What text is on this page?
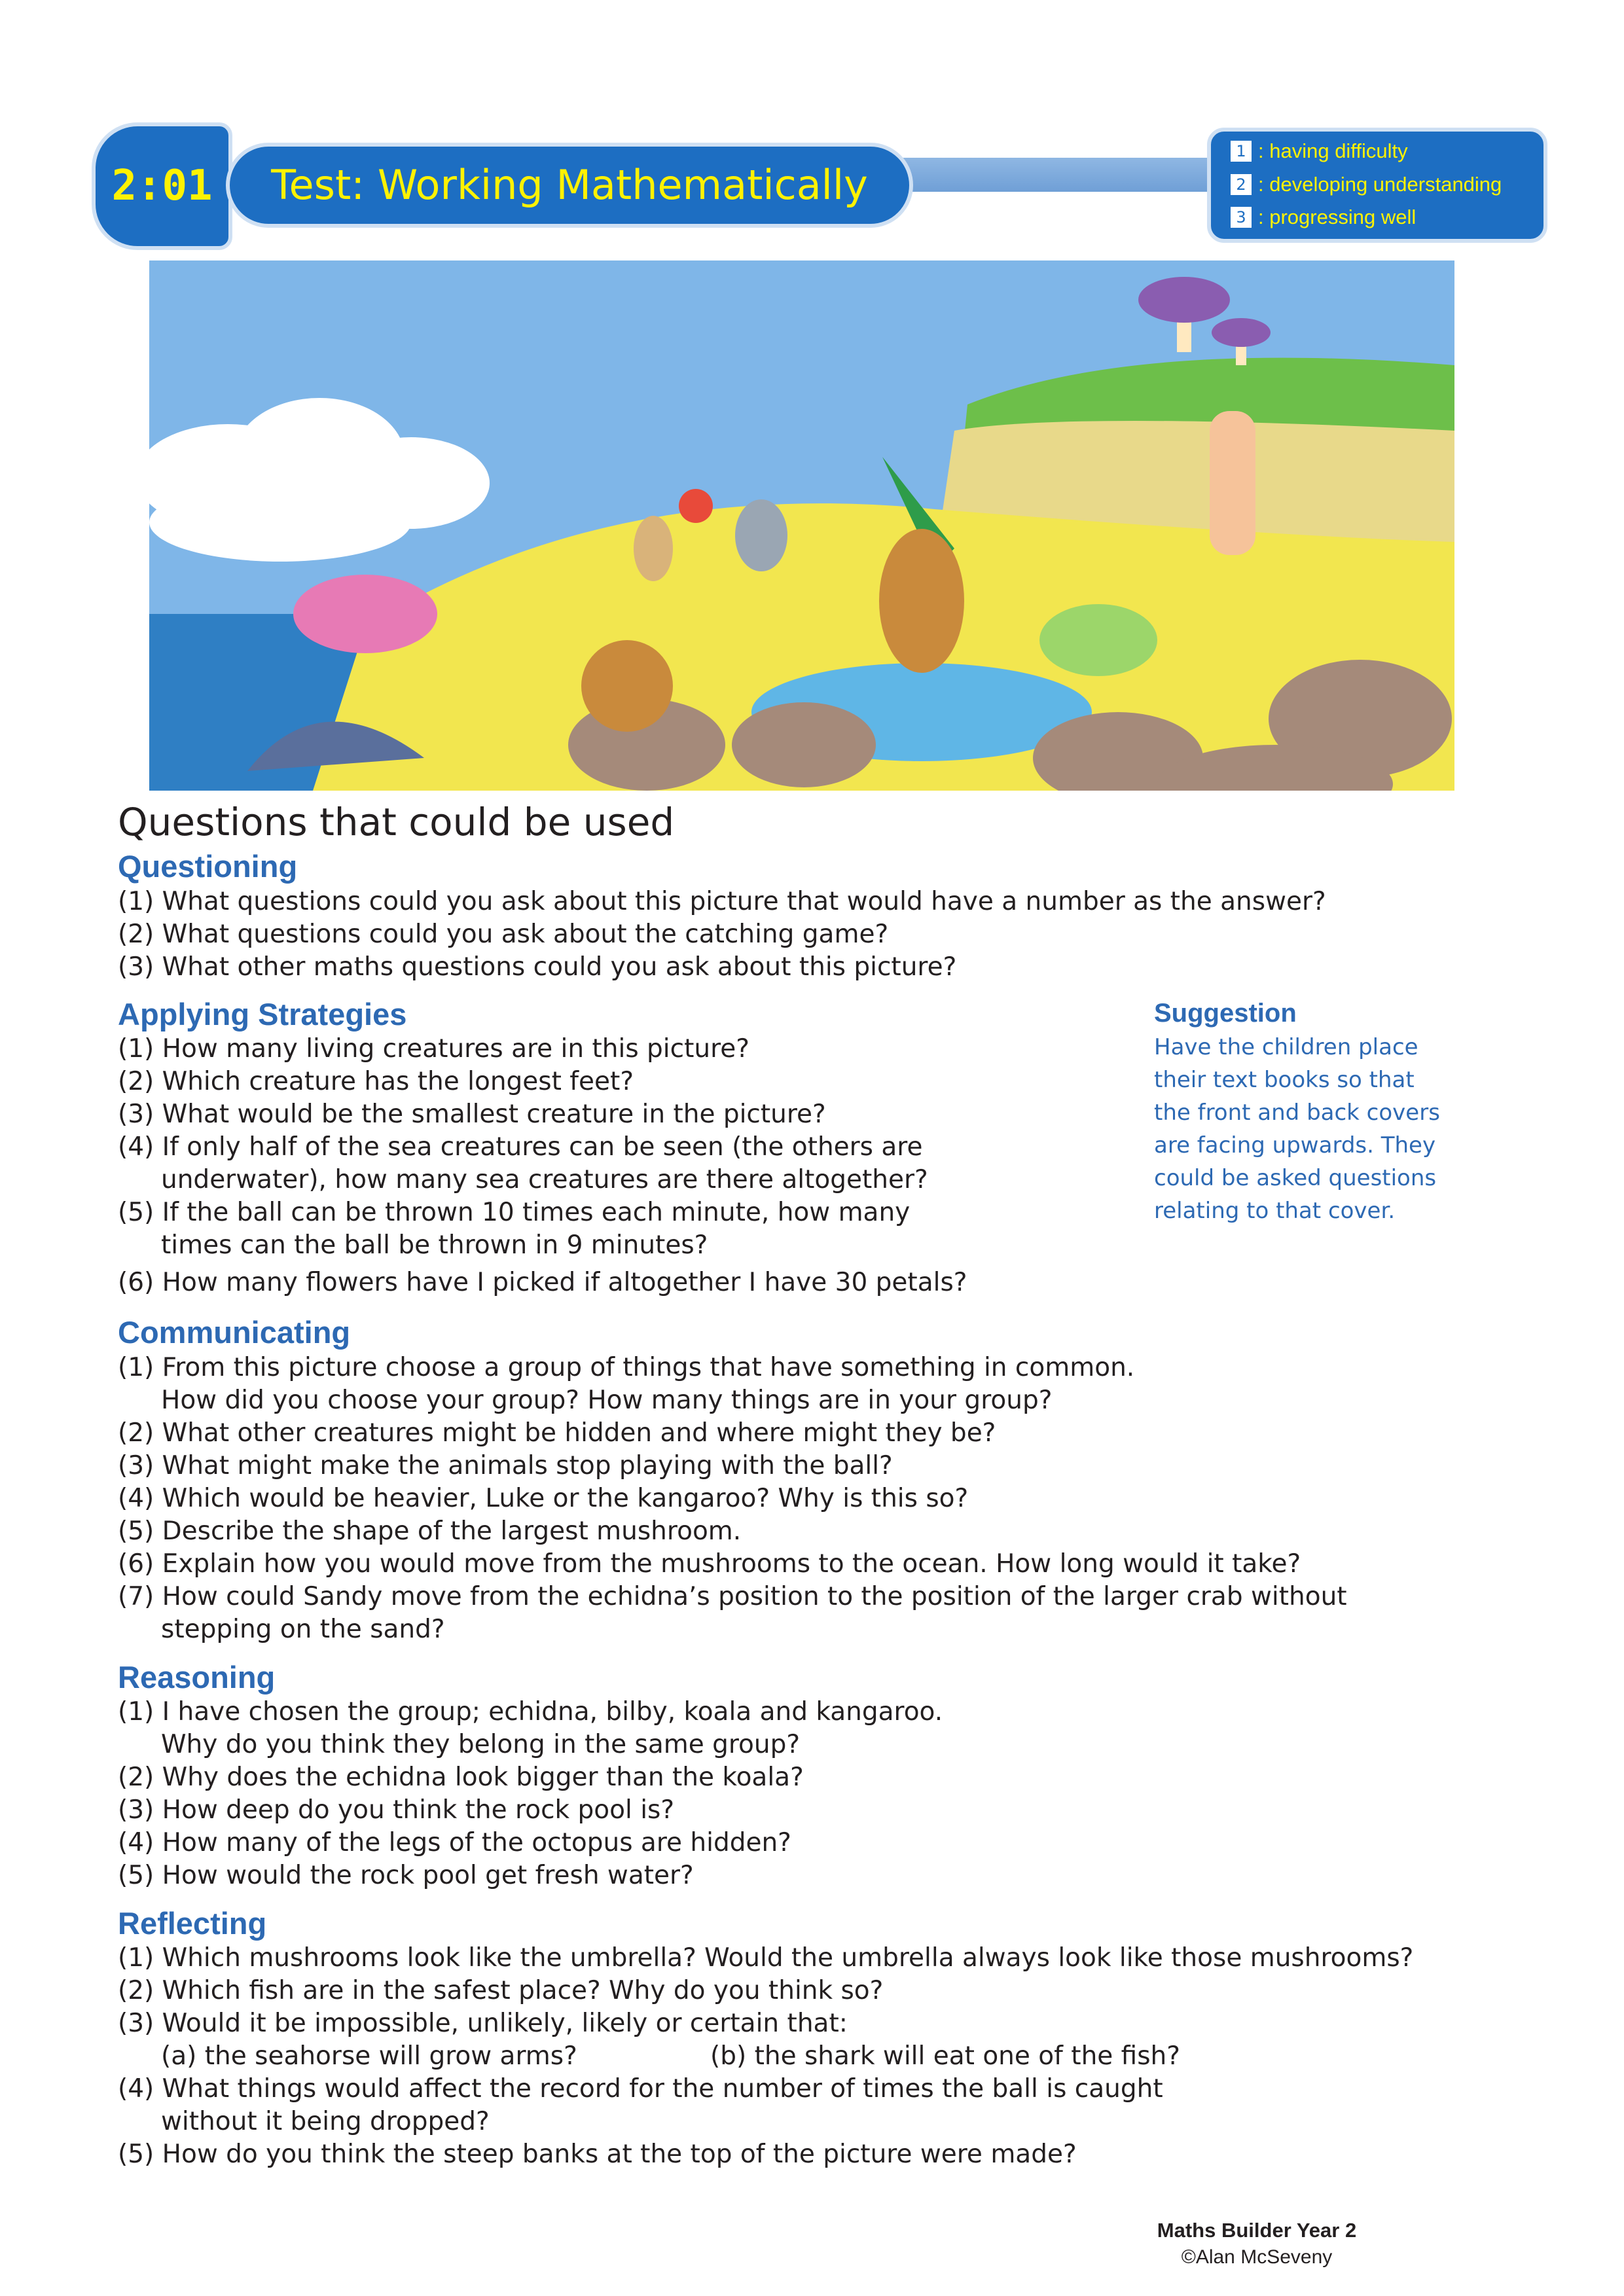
2:01	Test: Working Mathematically
1 : having difficulty
2 : developing understanding
3 : progressing well
Questions that could be used
Questioning
(1) What questions could you ask about this picture that would have a number as the answer?
(2) What questions could you ask about the catching game?
(3) What other maths questions could you ask about this picture?
Applying Strategies
(1) How many living creatures are in this picture?
(2) Which creature has the longest feet?
(3) What would be the smallest creature in the picture?
(4) If only half of the sea creatures can be seen (the others are
underwater), how many sea creatures are there altogether?
(5) If the ball can be thrown 10 times each minute, how many
times can the ball be thrown in 9 minutes?
(6) How many flowers have I picked if altogether I have 30 petals?
Suggestion
Have the children place
their text books so that
the front and back covers
are facing upwards. They
could be asked questions
relating to that cover.
Communicating
(1) From this picture choose a group of things that have something in common.
How did you choose your group? How many things are in your group?
(2) What other creatures might be hidden and where might they be?
(3) What might make the animals stop playing with the ball?
(4) Which would be heavier, Luke or the kangaroo? Why is this so?
(5) Describe the shape of the largest mushroom.
(6) Explain how you would move from the mushrooms to the ocean. How long would it take?
(7) How could Sandy move from the echidna’s position to the position of the larger crab without
stepping on the sand?
Reasoning
(1) I have chosen the group; echidna, bilby, koala and kangaroo.
Why do you think they belong in the same group?
(2) Why does the echidna look bigger than the koala?
(3) How deep do you think the rock pool is?
(4) How many of the legs of the octopus are hidden?
(5) How would the rock pool get fresh water?
Reflecting
(1) Which mushrooms look like the umbrella? Would the umbrella always look like those mushrooms?
(2) Which fish are in the safest place? Why do you think so?
(3) Would it be impossible, unlikely, likely or certain that:
(a) the seahorse will grow arms?	(b) the shark will eat one of the fish?
(4) What things would affect the record for the number of times the ball is caught
without it being dropped?
(5) How do you think the steep banks at the top of the picture were made?
Maths Builder Year 2
©Alan McSeveny
